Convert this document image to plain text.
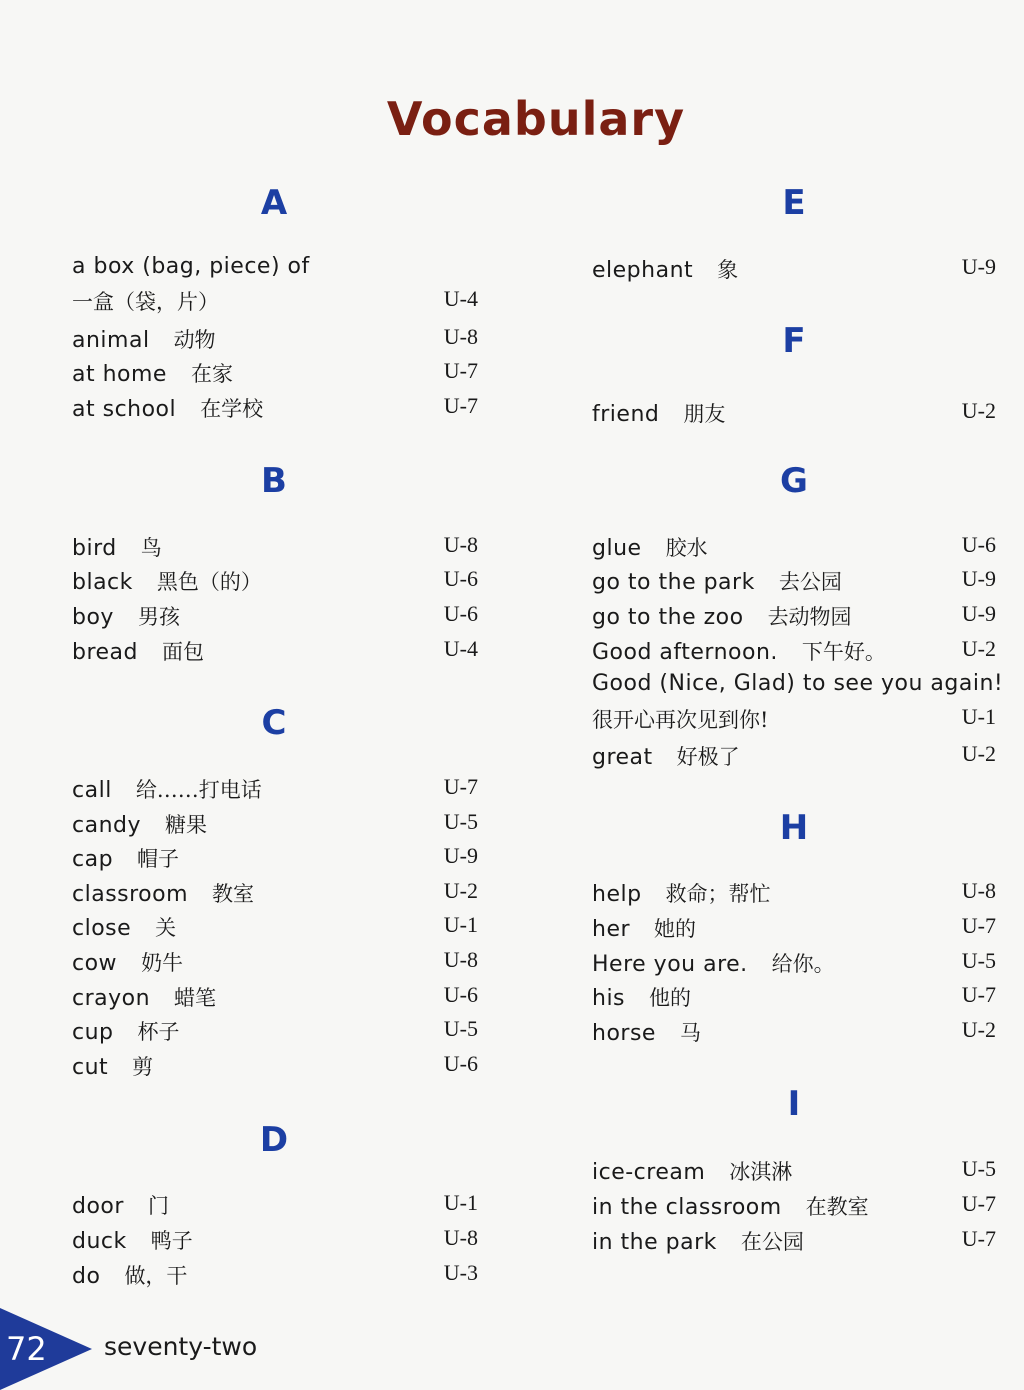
Vocabulary
A
a box (bag, piece) of
一盒（袋，片）	U-4
animal 动物	U-8
at home 在家	U-7
at school 在学校	U-7
B
bird 鸟	U-8
black 黑色（的）	U-6
boy 男孩	U-6
bread 面包	U-4
C
call 给……打电话	U-7
candy 糖果	U-5
cap 帽子	U-9
classroom 教室	U-2
close 关	U-1
cow 奶牛	U-8
crayon 蜡笔	U-6
cup 杯子	U-5
cut 剪	U-6
D
door 门	U-1
duck 鸭子	U-8
do 做，干	U-3
E
elephant 象	U-9
F
friend 朋友	U-2
G
glue 胶水	U-6
go to the park 去公园	U-9
go to the zoo 去动物园	U-9
Good afternoon. 下午好。	U-2
Good (Nice, Glad) to see you again!
很开心再次见到你!	U-1
great 好极了	U-2
H
help 救命；帮忙	U-8
her 她的	U-7
Here you are. 给你。	U-5
his 他的	U-7
horse 马	U-2
I
ice-cream 冰淇淋	U-5
in the classroom 在教室	U-7
in the park 在公园	U-7
72 seventy-two
